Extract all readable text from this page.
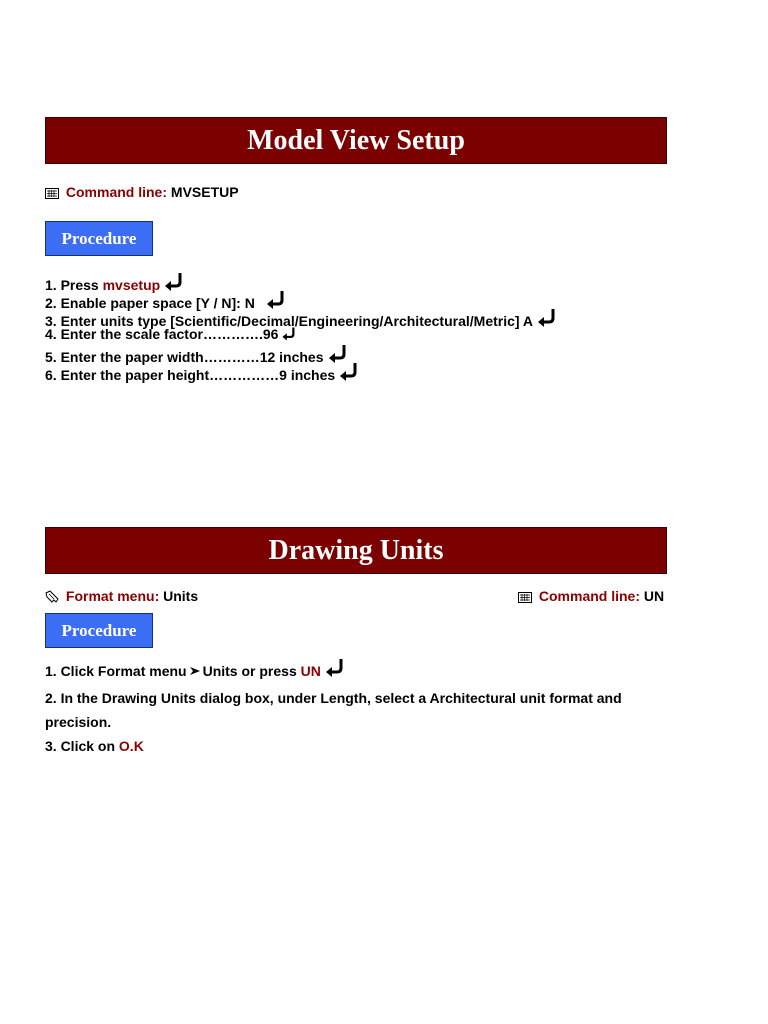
Model View Setup
Command line: MVSETUP
Procedure
1. Press mvsetup
2. Enable paper space [Y / N]: N
3. Enter units type [Scientific/Decimal/Engineering/Architectural/Metric] A
4. Enter the scale factor………….96
5. Enter the paper width…………12 inches
6. Enter the paper height……………9 inches
Drawing Units
Format menu: Units	Command line: UN
Procedure
1. Click Format menu Units or press UN
2. In the Drawing Units dialog box, under Length, select a Architectural unit format and precision.
3. Click on O.K
